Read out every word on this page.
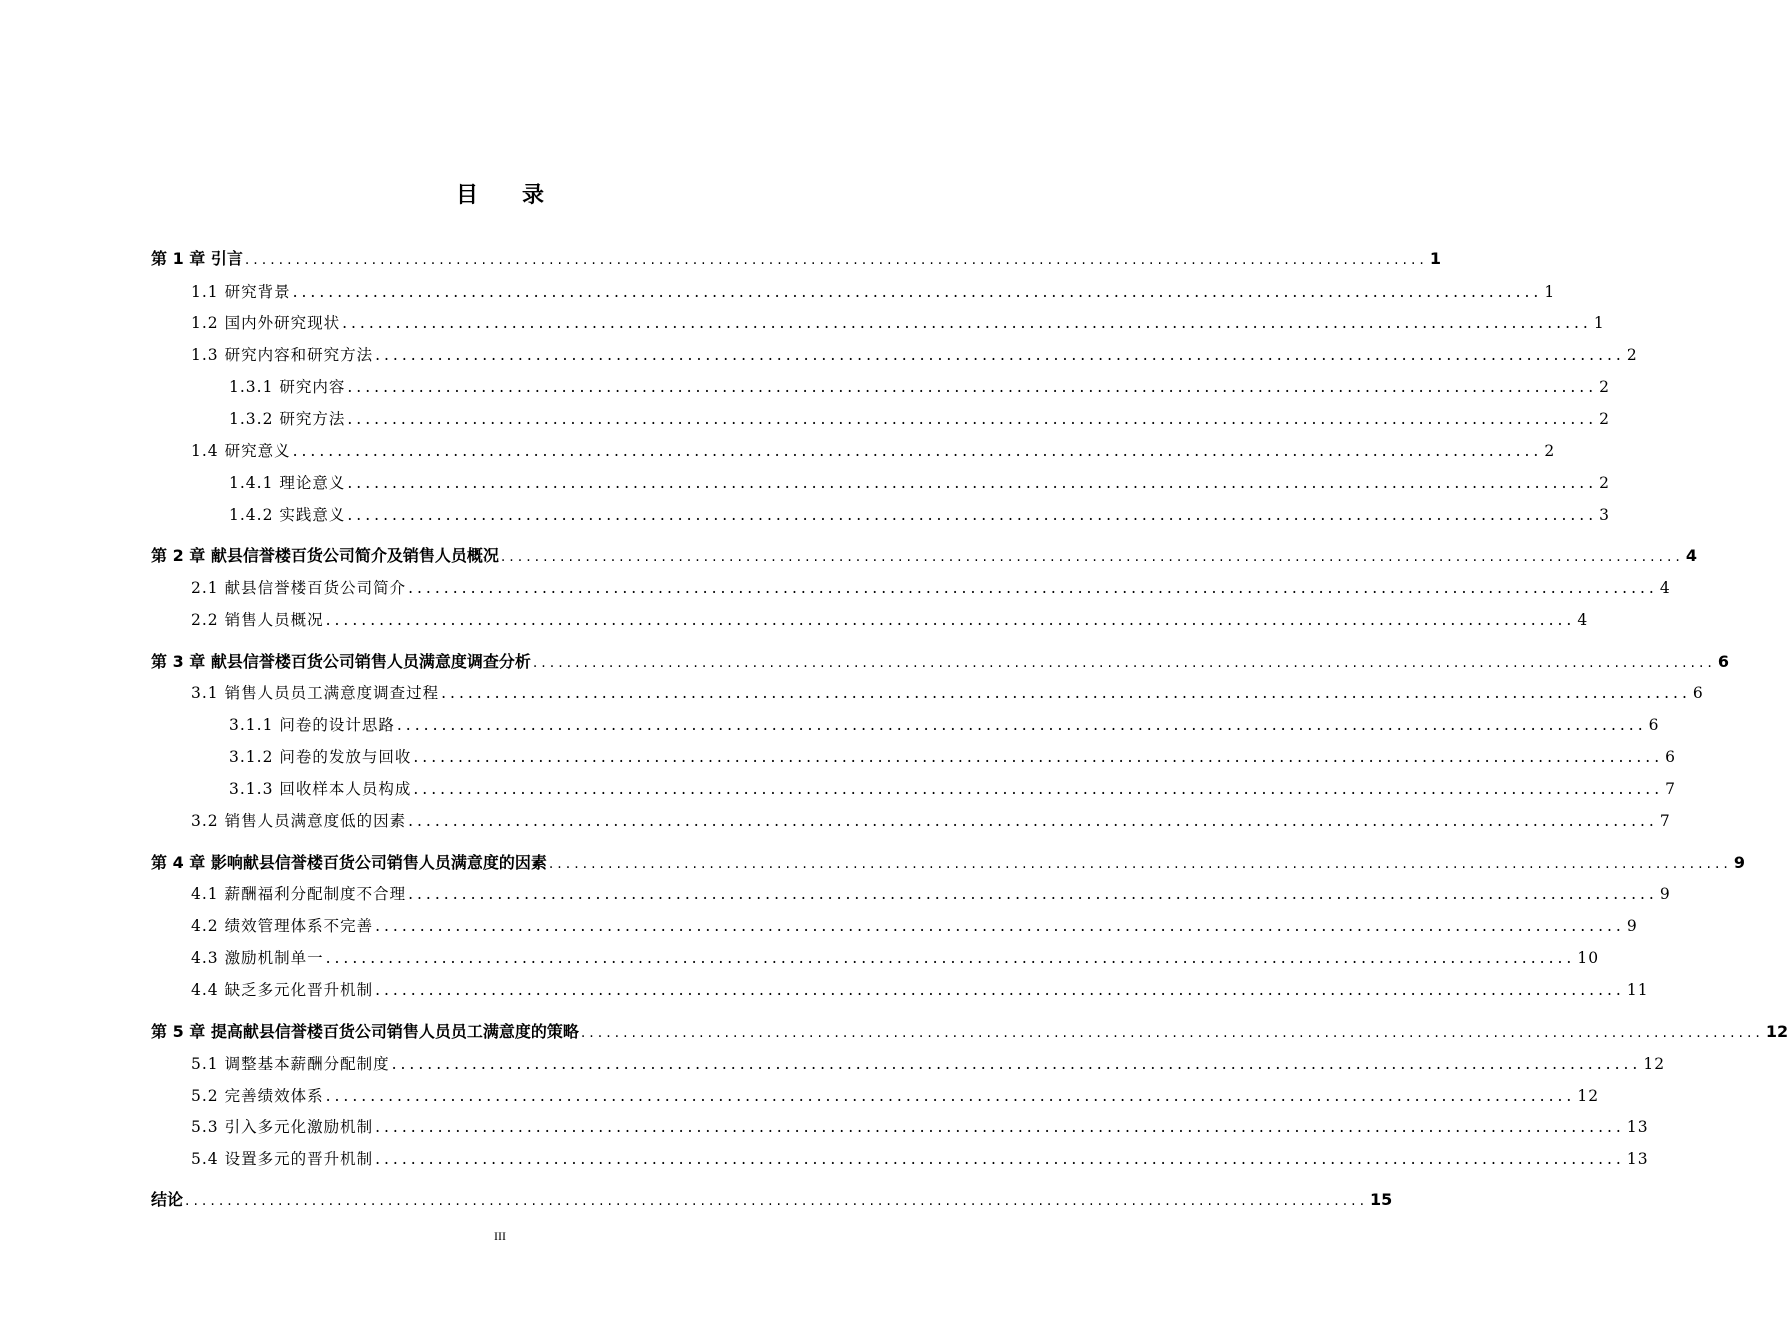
目录
第 1 章 引言 ............................................................................................................................................ 1
1.1 研究背景 ............................................................................................................................................ 1
1.2 国内外研究现状 ............................................................................................................................................ 1
1.3 研究内容和研究方法 ............................................................................................................................................ 2
1.3.1 研究内容 ............................................................................................................................................ 2
1.3.2 研究方法 ............................................................................................................................................ 2
1.4 研究意义 ............................................................................................................................................ 2
1.4.1 理论意义 ............................................................................................................................................ 2
1.4.2 实践意义 ............................................................................................................................................ 3
第 2 章 献县信誉楼百货公司简介及销售人员概况 ............................................................................................................................................ 4
2.1 献县信誉楼百货公司简介 ............................................................................................................................................ 4
2.2 销售人员概况 ............................................................................................................................................ 4
第 3 章 献县信誉楼百货公司销售人员满意度调查分析 ............................................................................................................................................ 6
3.1 销售人员员工满意度调查过程 ............................................................................................................................................ 6
3.1.1 问卷的设计思路 ............................................................................................................................................ 6
3.1.2 问卷的发放与回收 ............................................................................................................................................ 6
3.1.3 回收样本人员构成 ............................................................................................................................................ 7
3.2 销售人员满意度低的因素 ............................................................................................................................................ 7
第 4 章 影响献县信誉楼百货公司销售人员满意度的因素 ............................................................................................................................................ 9
4.1 薪酬福利分配制度不合理 ............................................................................................................................................ 9
4.2 绩效管理体系不完善 ............................................................................................................................................ 9
4.3 激励机制单一 ............................................................................................................................................ 10
4.4 缺乏多元化晋升机制 ............................................................................................................................................ 11
第 5 章 提高献县信誉楼百货公司销售人员员工满意度的策略 ............................................................................................................................................ 12
5.1 调整基本薪酬分配制度 ............................................................................................................................................ 12
5.2 完善绩效体系 ............................................................................................................................................ 12
5.3 引入多元化激励机制 ............................................................................................................................................ 13
5.4 设置多元的晋升机制 ............................................................................................................................................ 13
结论 ............................................................................................................................................ 15
III
